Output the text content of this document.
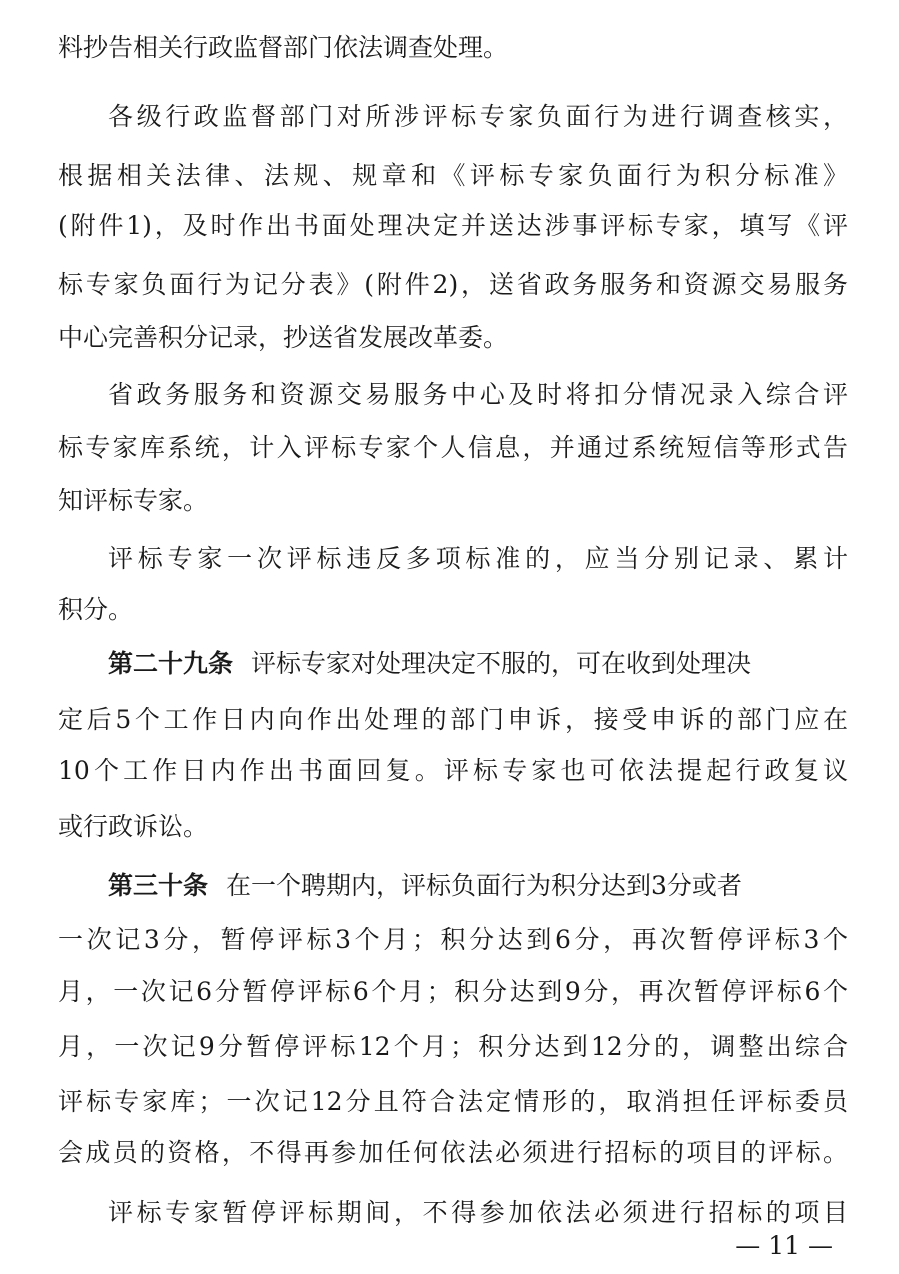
料抄告相关行政监督部门依法调查处理。
各级行政监督部门对所涉评标专家负面行为进行调查核实，
根据相关法律、法规、规章和《评标专家负面行为积分标准》
(附件1)，及时作出书面处理决定并送达涉事评标专家，填写《评
标专家负面行为记分表》(附件2)，送省政务服务和资源交易服务
中心完善积分记录，抄送省发展改革委。
省政务服务和资源交易服务中心及时将扣分情况录入综合评
标专家库系统，计入评标专家个人信息，并通过系统短信等形式告
知评标专家。
评标专家一次评标违反多项标准的，应当分别记录、累计
积分。
第二十九条 评标专家对处理决定不服的，可在收到处理决
定后5个工作日内向作出处理的部门申诉，接受申诉的部门应在
10个工作日内作出书面回复。评标专家也可依法提起行政复议
或行政诉讼。
第三十条 在一个聘期内，评标负面行为积分达到3分或者
一次记3分，暂停评标3个月；积分达到6分，再次暂停评标3个
月，一次记6分暂停评标6个月；积分达到9分，再次暂停评标6个
月，一次记9分暂停评标12个月；积分达到12分的，调整出综合
评标专家库；一次记12分且符合法定情形的，取消担任评标委员
会成员的资格，不得再参加任何依法必须进行招标的项目的评标。
评标专家暂停评标期间，不得参加依法必须进行招标的项目
— 11 —
